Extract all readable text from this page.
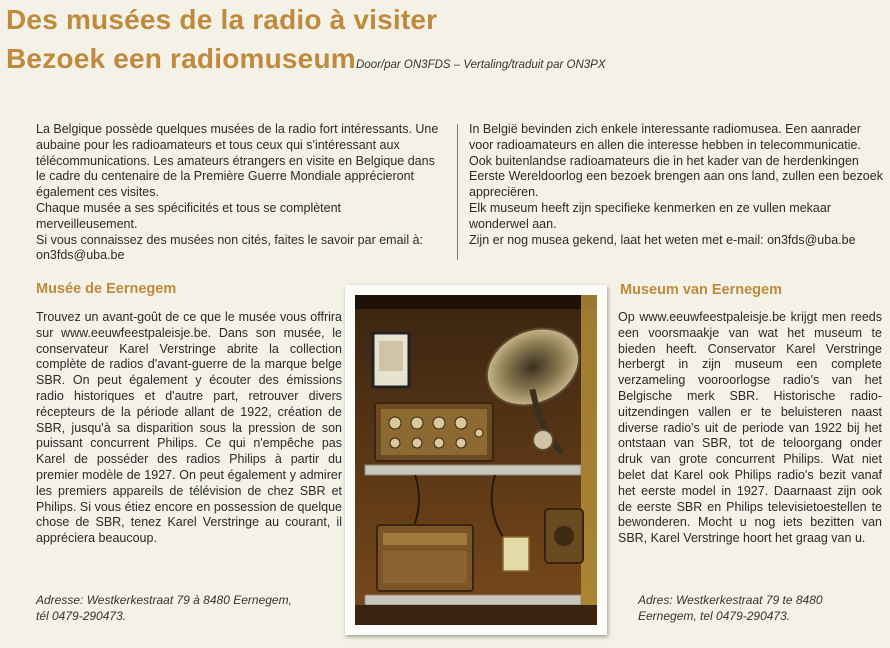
Des musées de la radio à visiter
Bezoek een radiomuseum Door/par ON3FDS – Vertaling/traduit par ON3PX

La Belgique possède quelques musées de la radio fort intéressants. Une aubaine pour les radioamateurs et tous ceux qui s'intéressant aux télécommunications. Les amateurs étrangers en visite en Belgique dans le cadre du centenaire de la Première Guerre Mondiale apprécieront également ces visites.

Chaque musée a ses spécificités et tous se complètent merveilleusement.

Si vous connaissez des musées non cités, faites le savoir par email à: on3fds@uba.be

In België bevinden zich enkele interessante radiomusea. Een aanrader voor radioamateurs en allen die interesse hebben in telecommunicatie. Ook buitenlandse radioamateurs die in het kader van de herdenkingen Eerste Wereldoorlog een bezoek brengen aan ons land, zullen een bezoek appreciëren.

Elk museum heeft zijn specifieke kenmerken en ze vullen mekaar wonderwel aan.

Zijn er nog musea gekend, laat het weten met e-mail: on3fds@uba.be

Musée de Eernegem

Trouvez un avant-goût de ce que le musée vous offrira sur www.eeuwfeestpaleisje.be. Dans son musée, le conservateur Karel Verstringe abrite la collection complète de radios d'avant-guerre de la marque belge SBR. On peut également y écouter des émissions radio historiques et d'autre part, retrouver divers récepteurs de la période allant de 1922, création de SBR, jusqu'à sa disparition sous la pression de son puissant concurrent Philips. Ce qui n'empêche pas Karel de posséder des radios Philips à partir du premier modèle de 1927. On peut également y admirer les premiers appareils de télévision de chez SBR et Philips. Si vous étiez encore en possession de quelque chose de SBR, tenez Karel Verstringe au courant, il appréciera beaucoup.

Adresse: Westkerkestraat 79 à 8480 Eernegem,
tél 0479-290473.
Museum van Eernegem

Op www.eeuwfeestpaleisje.be krijgt men reeds een voorsmaakje van wat het museum te bieden heeft. Conservator Karel Verstringe herbergt in zijn museum een complete verzameling vooroorlogse radio's van het Belgische merk SBR. Historische radio-uitzendingen vallen er te beluisteren naast diverse radio's uit de periode van 1922 bij het ontstaan van SBR, tot de teloorgang onder druk van grote concurrent Philips. Wat niet belet dat Karel ook Philips radio's bezit vanaf het eerste model in 1927. Daarnaast zijn ook de eerste SBR en Philips televisietoestellen te bewonderen. Mocht u nog iets bezitten van SBR, Karel Verstringe hoort het graag van u.

Adres: Westkerkestraat 79 te 8480
Eernegem, tel 0479-290473.
